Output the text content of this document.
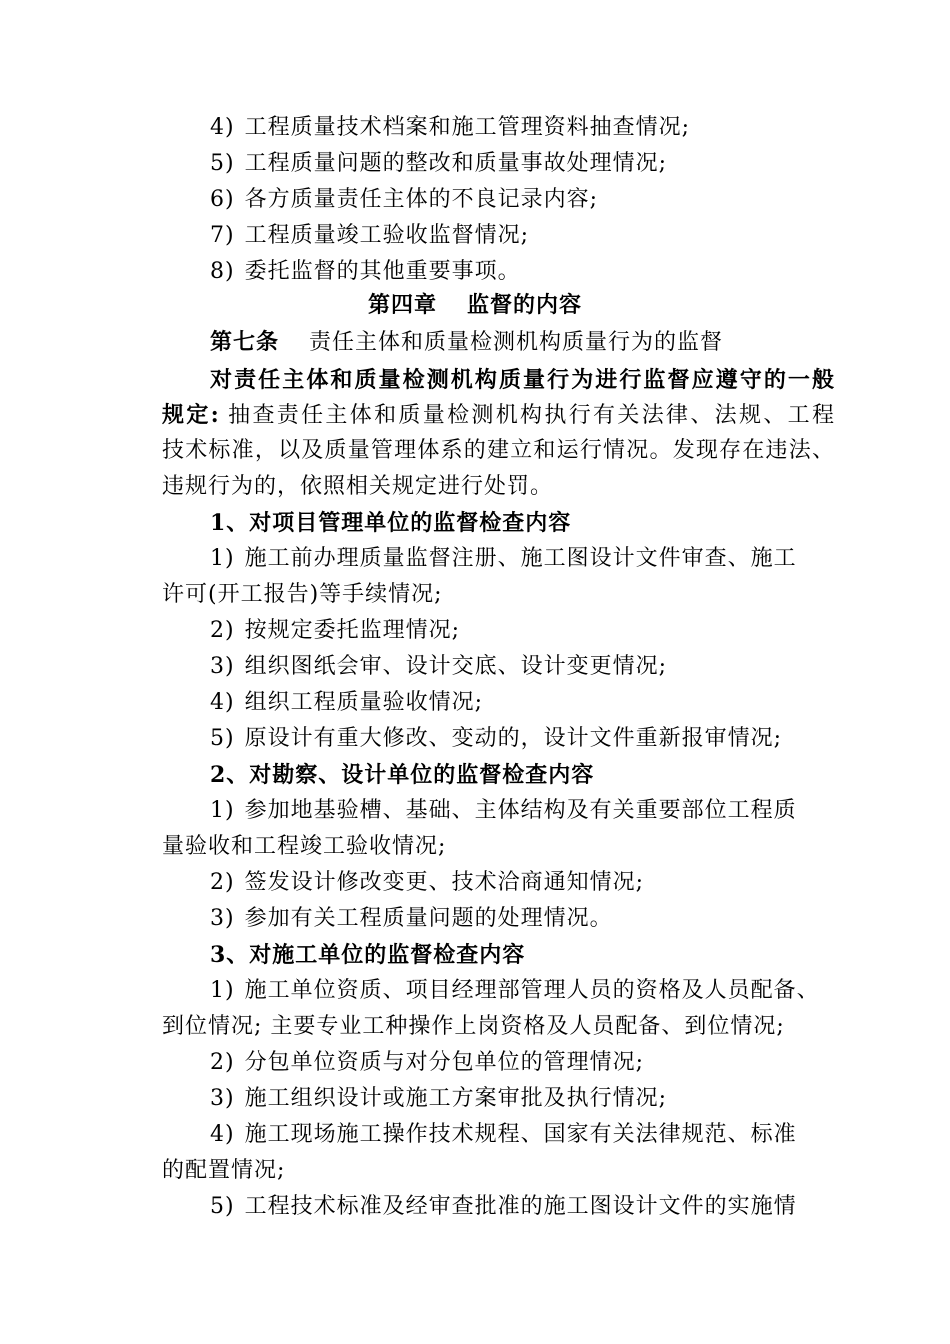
4) 工程质量技术档案和施工管理资料抽查情况;
5) 工程质量问题的整改和质量事故处理情况;
6) 各方质量责任主体的不良记录内容;
7) 工程质量竣工验收监督情况;
8) 委托监督的其他重要事项。
第四章 监督的内容
第七条 责任主体和质量检测机构质量行为的监督
对责任主体和质量检测机构质量行为进行监督应遵守的一般
规定: 抽查责任主体和质量检测机构执行有关法律、法规、工程
技术标准，以及质量管理体系的建立和运行情况。发现存在违法、
违规行为的，依照相关规定进行处罚。
1、对项目管理单位的监督检查内容
1) 施工前办理质量监督注册、施工图设计文件审查、施工
许可(开工报告)等手续情况;
2) 按规定委托监理情况;
3) 组织图纸会审、设计交底、设计变更情况;
4) 组织工程质量验收情况;
5) 原设计有重大修改、变动的，设计文件重新报审情况;
2、对勘察、设计单位的监督检查内容
1) 参加地基验槽、基础、主体结构及有关重要部位工程质
量验收和工程竣工验收情况;
2) 签发设计修改变更、技术洽商通知情况;
3) 参加有关工程质量问题的处理情况。
3、对施工单位的监督检查内容
1) 施工单位资质、项目经理部管理人员的资格及人员配备、
到位情况; 主要专业工种操作上岗资格及人员配备、到位情况;
2) 分包单位资质与对分包单位的管理情况;
3) 施工组织设计或施工方案审批及执行情况;
4) 施工现场施工操作技术规程、国家有关法律规范、标准
的配置情况;
5) 工程技术标准及经审查批准的施工图设计文件的实施情
